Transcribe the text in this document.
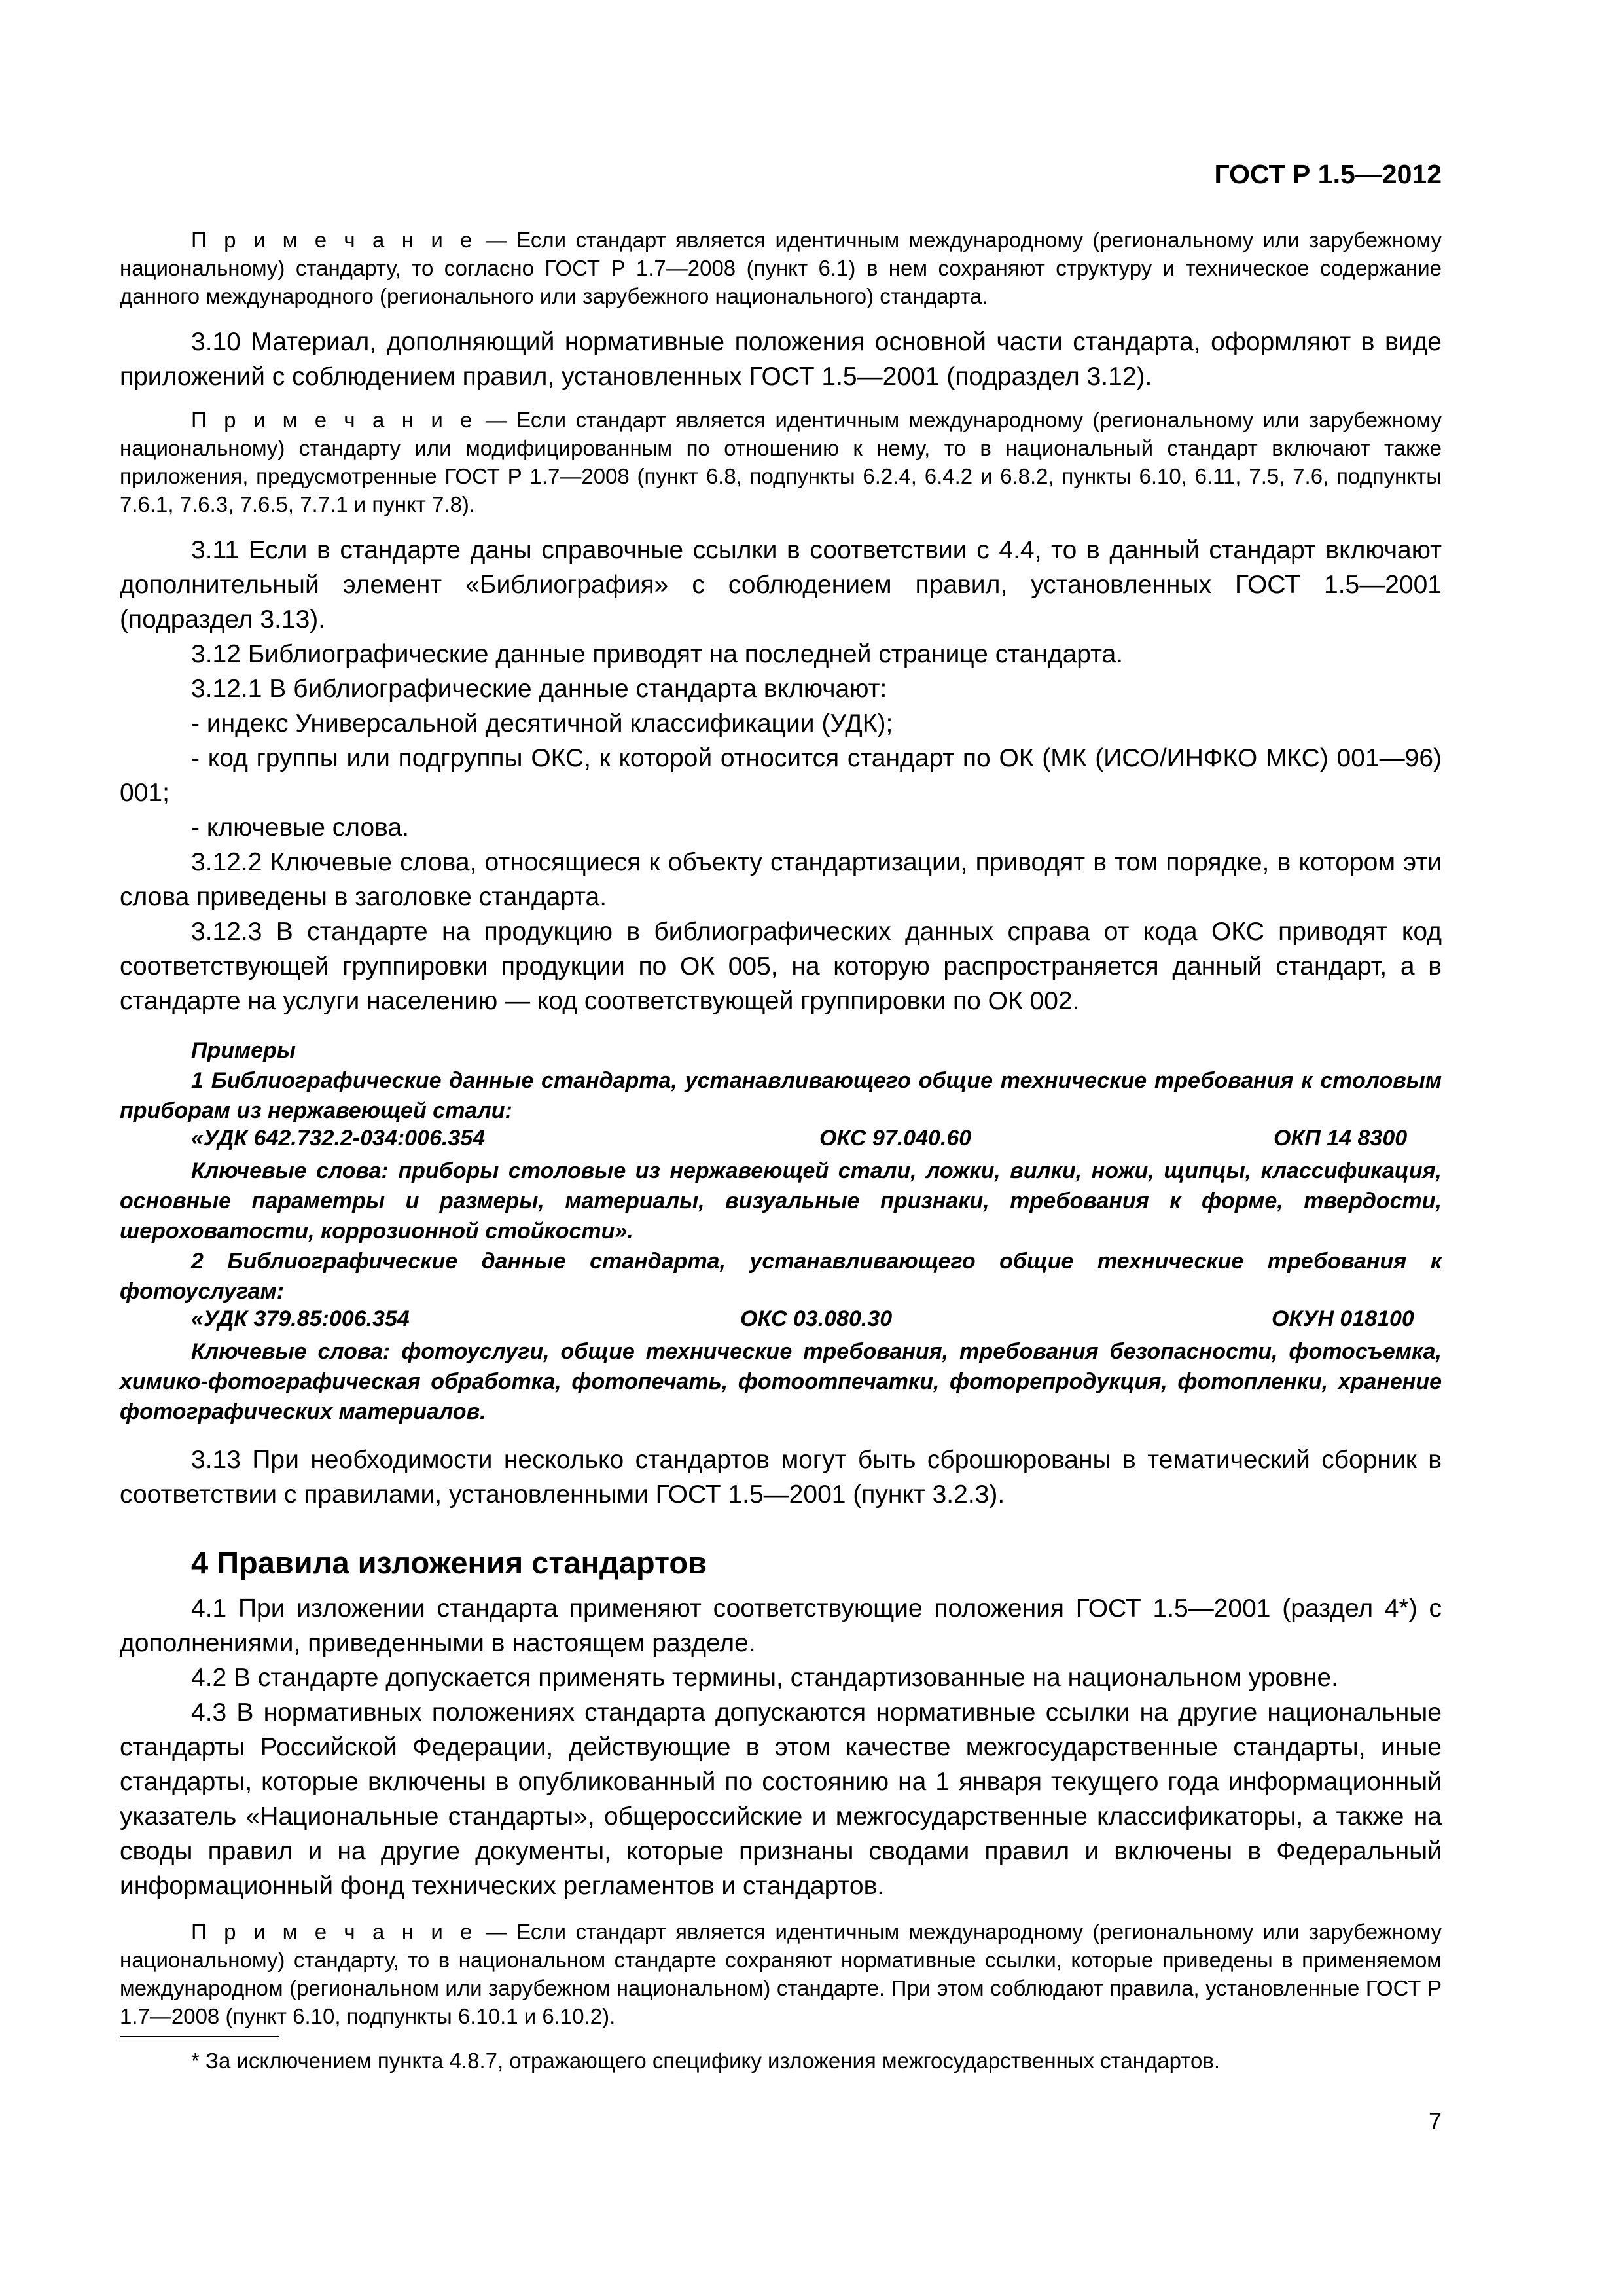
ГОСТ Р 1.5—2012

П р и м е ч а н и е — Если стандарт является идентичным международному (региональному или зарубежному национальному) стандарту, то согласно ГОСТ Р 1.7—2008 (пункт 6.1) в нем сохраняют структуру и техническое содержание данного международного (регионального или зарубежного национального) стандарта.

3.10 Материал, дополняющий нормативные положения основной части стандарта, оформляют в виде приложений с соблюдением правил, установленных ГОСТ 1.5—2001 (подраздел 3.12).

П р и м е ч а н и е — Если стандарт является идентичным международному (региональному или зарубежному национальному) стандарту или модифицированным по отношению к нему, то в национальный стандарт включают также приложения, предусмотренные ГОСТ Р 1.7—2008 (пункт 6.8, подпункты 6.2.4, 6.4.2 и 6.8.2, пункты 6.10, 6.11, 7.5, 7.6, подпункты 7.6.1, 7.6.3, 7.6.5, 7.7.1 и пункт 7.8).

3.11 Если в стандарте даны справочные ссылки в соответствии с 4.4, то в данный стандарт включают дополнительный элемент «Библиография» с соблюдением правил, установленных ГОСТ 1.5—2001 (подраздел 3.13).

3.12 Библиографические данные приводят на последней странице стандарта.

3.12.1 В библиографические данные стандарта включают:

- индекс Универсальной десятичной классификации (УДК);

- код группы или подгруппы ОКС, к которой относится стандарт по ОК (МК (ИСО/ИНФКО МКС) 001—96) 001;

- ключевые слова.

3.12.2 Ключевые слова, относящиеся к объекту стандартизации, приводят в том порядке, в котором эти слова приведены в заголовке стандарта.

3.12.3 В стандарте на продукцию в библиографических данных справа от кода ОКС приводят код соответствующей группировки продукции по ОК 005, на которую распространяется данный стандарт, а в стандарте на услуги населению — код соответствующей группировки по ОК 002.

Примеры

1 Библиографические данные стандарта, устанавливающего общие технические требования к столовым приборам из нержавеющей стали:

«УДК 642.732.2-034:006.354	ОКС 97.040.60	ОКП 14 8300

Ключевые слова: приборы столовые из нержавеющей стали, ложки, вилки, ножи, щипцы, классификация, основные параметры и размеры, материалы, визуальные признаки, требования к форме, твердости, шероховатости, коррозионной стойкости».

2 Библиографические данные стандарта, устанавливающего общие технические требования к фотоуслугам:

«УДК 379.85:006.354	ОКС 03.080.30	ОКУН 018100

Ключевые слова: фотоуслуги, общие технические требования, требования безопасности, фотосъемка, химико-фотографическая обработка, фотопечать, фотоотпечатки, фоторепродукция, фотопленки, хранение фотографических материалов.

3.13 При необходимости несколько стандартов могут быть сброшюрованы в тематический сборник в соответствии с правилами, установленными ГОСТ 1.5—2001 (пункт 3.2.3).

4 Правила изложения стандартов

4.1 При изложении стандарта применяют соответствующие положения ГОСТ 1.5—2001 (раздел 4*) с дополнениями, приведенными в настоящем разделе.

4.2 В стандарте допускается применять термины, стандартизованные на национальном уровне.

4.3 В нормативных положениях стандарта допускаются нормативные ссылки на другие национальные стандарты Российской Федерации, действующие в этом качестве межгосударственные стандарты, иные стандарты, которые включены в опубликованный по состоянию на 1 января текущего года информационный указатель «Национальные стандарты», общероссийские и межгосударственные классификаторы, а также на своды правил и на другие документы, которые признаны сводами правил и включены в Федеральный информационный фонд технических регламентов и стандартов.

П р и м е ч а н и е — Если стандарт является идентичным международному (региональному или зарубежному национальному) стандарту, то в национальном стандарте сохраняют нормативные ссылки, которые приведены в применяемом международном (региональном или зарубежном национальном) стандарте. При этом соблюдают правила, установленные ГОСТ Р 1.7—2008 (пункт 6.10, подпункты 6.10.1 и 6.10.2).

* За исключением пункта 4.8.7, отражающего специфику изложения межгосударственных стандартов.
7
